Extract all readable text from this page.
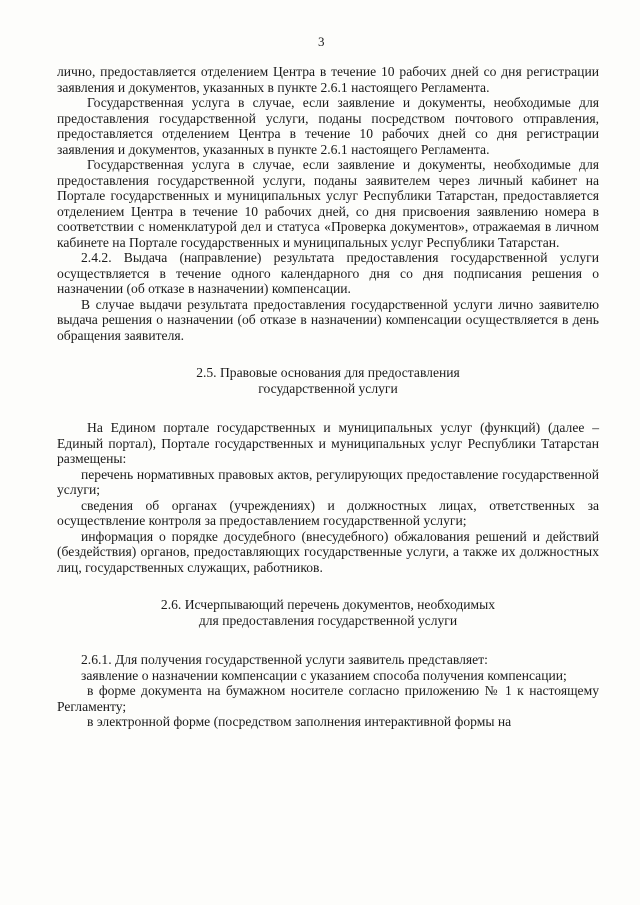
3

лично, предоставляется отделением Центра в течение 10 рабочих дней со дня регистрации заявления и документов, указанных в пункте 2.6.1 настоящего Регламента.

Государственная услуга в случае, если заявление и документы, необходимые для предоставления государственной услуги, поданы посредством почтового отправления, предоставляется отделением Центра в течение 10 рабочих дней со дня регистрации заявления и документов, указанных в пункте 2.6.1 настоящего Регламента.

Государственная услуга в случае, если заявление и документы, необходимые для предоставления государственной услуги, поданы заявителем через личный кабинет на Портале государственных и муниципальных услуг Республики Татарстан, предоставляется отделением Центра в течение 10 рабочих дней, со дня присвоения заявлению номера в соответствии с номенклатурой дел и статуса «Проверка документов», отражаемая в личном кабинете на Портале государственных и муниципальных услуг Республики Татарстан.

2.4.2. Выдача (направление) результата предоставления государственной услуги осуществляется в течение одного календарного дня со дня подписания решения о назначении (об отказе в назначении) компенсации.

В случае выдачи результата предоставления государственной услуги лично заявителю выдача решения о назначении (об отказе в назначении) компенсации осуществляется в день обращения заявителя.

2.5. Правовые основания для предоставления
государственной услуги

На Едином портале государственных и муниципальных услуг (функций) (далее – Единый портал), Портале государственных и муниципальных услуг Республики Татарстан размещены:

перечень нормативных правовых актов, регулирующих предоставление государственной услуги;

сведения об органах (учреждениях) и должностных лицах, ответственных за осуществление контроля за предоставлением государственной услуги;

информация о порядке досудебного (внесудебного) обжалования решений и действий (бездействия) органов, предоставляющих государственные услуги, а также их должностных лиц, государственных служащих, работников.

2.6. Исчерпывающий перечень документов, необходимых
для предоставления государственной услуги

2.6.1. Для получения государственной услуги заявитель представляет:

заявление о назначении компенсации с указанием способа получения компенсации;

в форме документа на бумажном носителе согласно приложению № 1 к настоящему Регламенту;

в электронной форме (посредством заполнения интерактивной формы на
